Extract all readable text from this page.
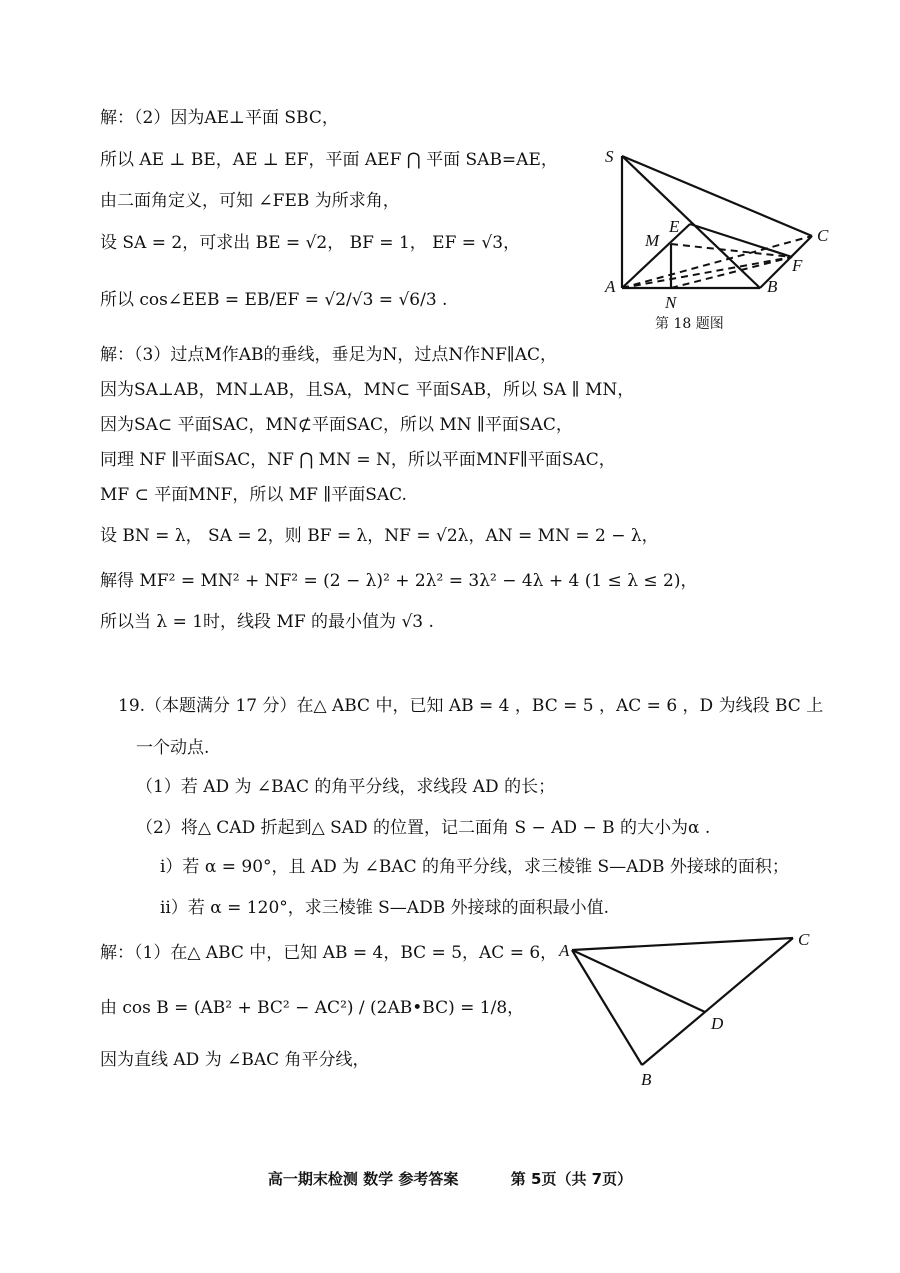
解：（2）因为AE⊥平面 SBC，
所以 AE ⊥ BE，AE ⊥ EF，平面 AEF ⋂ 平面 SAB=AE，
由二面角定义，可知 ∠FEB 为所求角，
设 SA = 2，可求出 BE = √2， BF = 1， EF = √3，
所以 cos∠EEB = EB/EF = √2/√3 = √6/3 .
S
C
E
M
F
A	B
N
第 18 题图
解：（3）过点M作AB的垂线，垂足为N，过点N作NF∥AC，
因为SA⊥AB，MN⊥AB，且SA，MN⊂ 平面SAB，所以 SA ∥ MN，
因为SA⊂ 平面SAC，MN⊄平面SAC，所以 MN ∥平面SAC，
同理 NF ∥平面SAC，NF ⋂ MN = N，所以平面MNF∥平面SAC，
MF ⊂ 平面MNF，所以 MF ∥平面SAC.
设 BN = λ， SA = 2，则 BF = λ，NF = √2λ，AN = MN = 2 − λ，
解得 MF² = MN² + NF² = (2 − λ)² + 2λ² = 3λ² − 4λ + 4 (1 ≤ λ ≤ 2)，
所以当 λ = 1时，线段 MF 的最小值为 √3 .
19.（本题满分 17 分）在△ ABC 中，已知 AB = 4 ，BC = 5 ，AC = 6 ，D 为线段 BC 上
一个动点.
（1）若 AD 为 ∠BAC 的角平分线，求线段 AD 的长；
（2）将△ CAD 折起到△ SAD 的位置，记二面角 S − AD − B 的大小为α .
i）若 α = 90°，且 AD 为 ∠BAC 的角平分线，求三棱锥 S—ADB 外接球的面积；
ii）若 α = 120°，求三棱锥 S—ADB 外接球的面积最小值.
解：（1）在△ ABC 中，已知 AB = 4，BC = 5，AC = 6，
由 cos B = (AB² + BC² − AC²) / (2AB•BC) = 1/8，
因为直线 AD 为 ∠BAC 角平分线，
A
C
D
B
高一期末检测 数学 参考答案	第 5页（共 7页）
